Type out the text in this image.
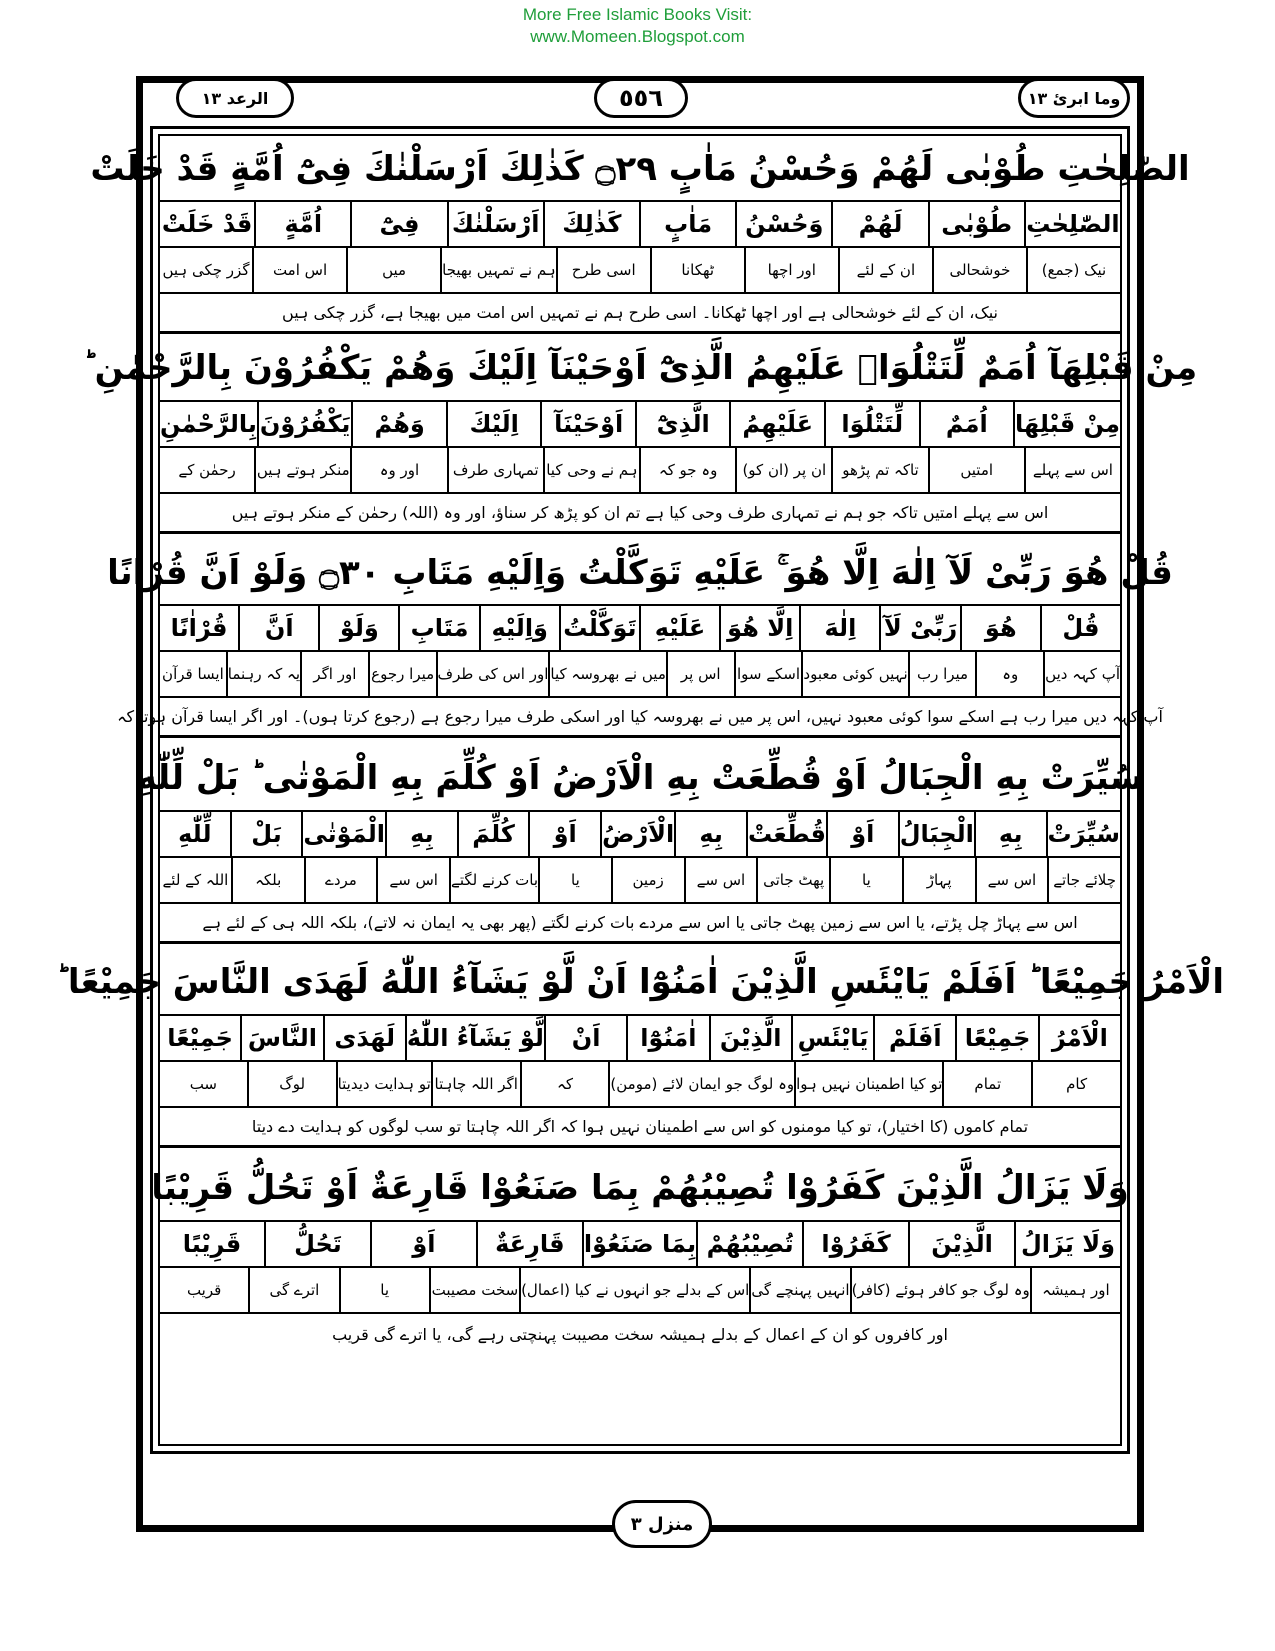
More Free Islamic Books Visit:
www.Momeen.Blogspot.com
الرعد ١٣	٥٥٦	وما ابرئ ١٣
الصّٰلِحٰتِ طُوْبٰى لَهُمْ وَحُسْنُ مَاٰبٍ ۝٢٩ كَذٰلِكَ اَرْسَلْنٰكَ فِىْٓ اُمَّةٍ قَدْ خَلَتْ
الصّٰلِحٰتِ
طُوْبٰى
لَهُمْ
وَحُسْنُ
مَاٰبٍ
كَذٰلِكَ
اَرْسَلْنٰكَ
فِىْٓ
اُمَّةٍ
قَدْ خَلَتْ
نیک (جمع)
خوشحالی
ان کے لئے
اور اچھا
ٹھکانا
اسی طرح
ہم نے تمہیں بھیجا
میں
اس امت
گزر چکی ہیں
نیک، ان کے لئے خوشحالی ہے اور اچھا ٹھکانا۔ اسی طرح ہم نے تمہیں اس امت میں بھیجا ہے، گزر چکی ہیں
مِنْ قَبْلِهَآ اُمَمٌ لِّتَتْلُوَا۟ عَلَيْهِمُ الَّذِىْٓ اَوْحَيْنَآ اِلَيْكَ وَهُمْ يَكْفُرُوْنَ بِالرَّحْمٰنِ ؕ
مِنْ قَبْلِهَا
اُمَمٌ
لِّتَتْلُوَا
عَلَيْهِمُ
الَّذِىْٓ
اَوْحَيْنَآ
اِلَيْكَ
وَهُمْ
يَكْفُرُوْنَ
بِالرَّحْمٰنِ
اس سے پہلے
امتیں
تاکہ تم پڑھو
ان پر (ان کو)
وہ جو کہ
ہم نے وحی کیا
تمہاری طرف
اور وہ
منکر ہوتے ہیں
رحمٰن کے
اس سے پہلے امتیں تاکہ جو ہم نے تمہاری طرف وحی کیا ہے تم ان کو پڑھ کر سناؤ، اور وہ (اللہ) رحمٰن کے منکر ہوتے ہیں
قُلْ هُوَ رَبِّىْ لَآ اِلٰهَ اِلَّا هُوَ ۚ عَلَيْهِ تَوَكَّلْتُ وَاِلَيْهِ مَتَابِ ۝٣٠ وَلَوْ اَنَّ قُرْاٰنًا
قُلْ
هُوَ
رَبِّىْ لَآ
اِلٰهَ
اِلَّا هُوَ
عَلَيْهِ
تَوَكَّلْتُ
وَاِلَيْهِ
مَتَابِ
وَلَوْ
اَنَّ
قُرْاٰنًا
آپ کہہ دیں
وہ
میرا رب
نہیں کوئی معبود
اسکے سوا
اس پر
میں نے بھروسہ کیا
اور اس کی طرف
میرا رجوع
اور اگر
یہ کہ رہنما
ایسا قرآن
آپ کہہ دیں میرا رب ہے اسکے سوا کوئی معبود نہیں، اس پر میں نے بھروسہ کیا اور اسکی طرف میرا رجوع ہے (رجوع کرتا ہوں)۔ اور اگر ایسا قرآن ہوتا کہ
سُيِّرَتْ بِهِ الْجِبَالُ اَوْ قُطِّعَتْ بِهِ الْاَرْضُ اَوْ كُلِّمَ بِهِ الْمَوْتٰى ؕ بَلْ لِّلّٰهِ
سُيِّرَتْ
بِهِ
الْجِبَالُ
اَوْ
قُطِّعَتْ
بِهِ
الْاَرْضُ
اَوْ
كُلِّمَ
بِهِ
الْمَوْتٰى
بَلْ
لِّلّٰهِ
چلائے جاتے
اس سے
پہاڑ
یا
پھٹ جاتی
اس سے
زمین
یا
بات کرنے لگتے
اس سے
مردے
بلکہ
اللہ کے لئے
اس سے پہاڑ چل پڑتے، یا اس سے زمین پھٹ جاتی یا اس سے مردے بات کرنے لگتے (پھر بھی یہ ایمان نہ لاتے)، بلکہ اللہ ہی کے لئے ہے
الْاَمْرُ جَمِيْعًا ؕ اَفَلَمْ يَايْئَسِ الَّذِيْنَ اٰمَنُوْٓا اَنْ لَّوْ يَشَآءُ اللّٰهُ لَهَدَى النَّاسَ جَمِيْعًا ؕ
الْاَمْرُ
جَمِيْعًا
اَفَلَمْ
يَايْئَسِ
الَّذِيْنَ
اٰمَنُوْٓا
اَنْ
لَّوْ يَشَآءُ اللّٰهُ
لَهَدَى
النَّاسَ
جَمِيْعًا
کام
تمام
تو کیا اطمینان نہیں ہوا
وہ لوگ جو ایمان لائے (مومن)
کہ
اگر اللہ چاہتا
تو ہدایت دیدیتا
لوگ
سب
تمام کاموں (کا اختیار)، تو کیا مومنوں کو اس سے اطمینان نہیں ہوا کہ اگر اللہ چاہتا تو سب لوگوں کو ہدایت دے دیتا
وَلَا يَزَالُ الَّذِيْنَ كَفَرُوْا تُصِيْبُهُمْ بِمَا صَنَعُوْا قَارِعَةٌ اَوْ تَحُلُّ قَرِيْبًا
وَلَا يَزَالُ
الَّذِيْنَ
كَفَرُوْا
تُصِيْبُهُمْ
بِمَا صَنَعُوْا
قَارِعَةٌ
اَوْ
تَحُلُّ
قَرِيْبًا
اور ہمیشہ
وہ لوگ جو کافر ہوئے (کافر)
انہیں پہنچے گی
اس کے بدلے جو انہوں نے کیا (اعمال)
سخت مصیبت
یا
اترے گی
قریب
اور کافروں کو ان کے اعمال کے بدلے ہمیشہ سخت مصیبت پہنچتی رہے گی، یا اترے گی قریب
منزل ٣
